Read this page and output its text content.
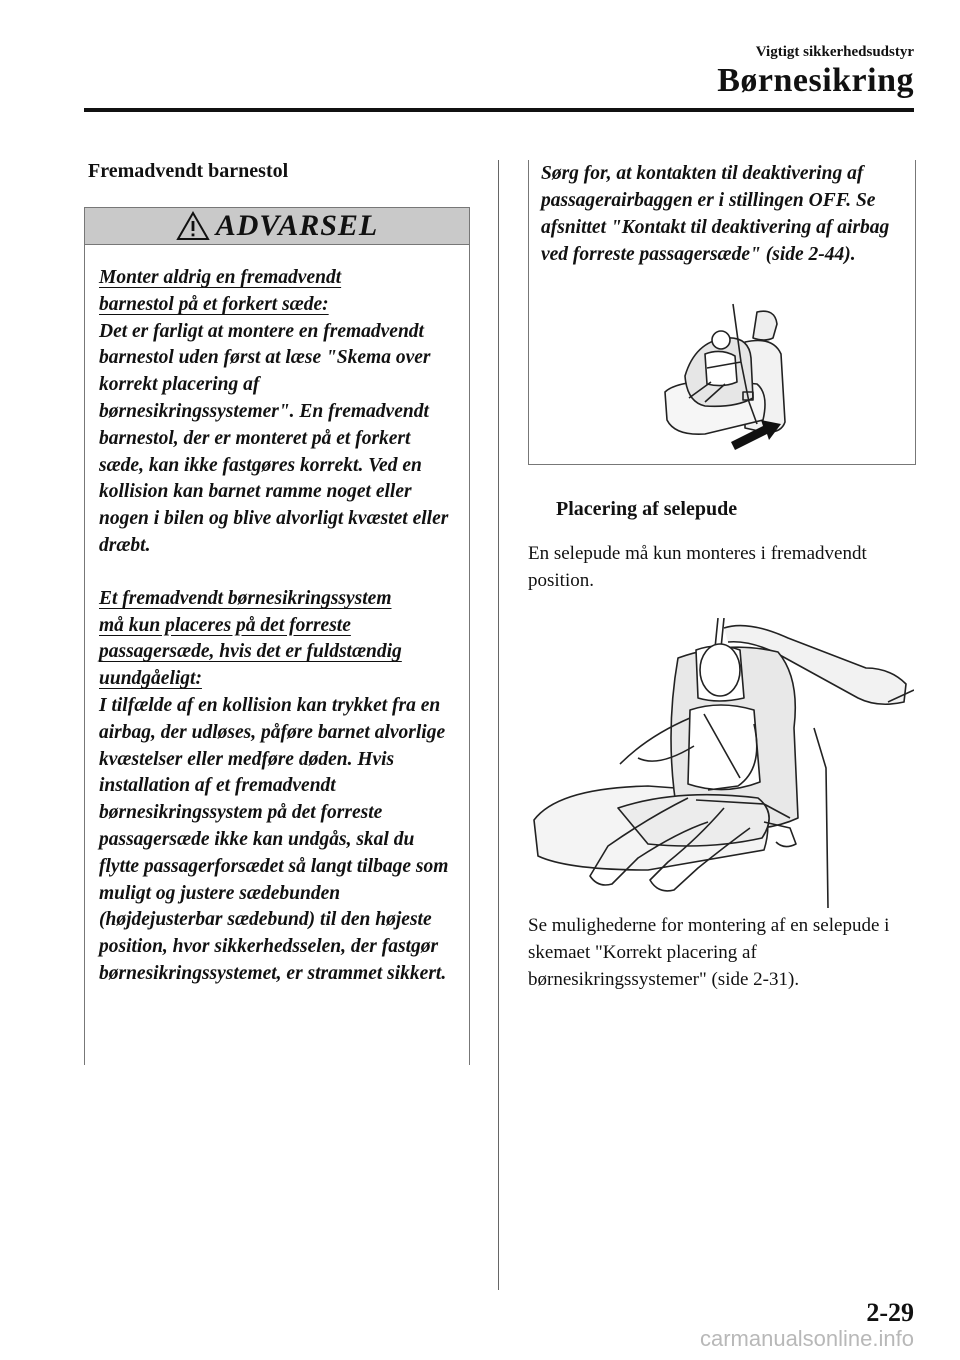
Vigtigt sikkerhedsudstyr
Børnesikring
Fremadvendt barnestol
ADVARSEL
Monter aldrig en fremadvendt
barnestol på et forkert sæde:

Det er farligt at montere en fremadvendt barnestol uden først at læse "Skema over korrekt placering af børnesikringssystemer". En fremadvendt barnestol, der er monteret på et forkert sæde, kan ikke fastgøres korrekt. Ved en kollision kan barnet ramme noget eller nogen i bilen og blive alvorligt kvæstet eller dræbt.

Et fremadvendt børnesikringssystem
må kun placeres på det forreste
passagersæde, hvis det er fuldstændig
uundgåeligt:

I tilfælde af en kollision kan trykket fra en airbag, der udløses, påføre barnet alvorlige kvæstelser eller medføre døden. Hvis installation af et fremadvendt børnesikringssystem på det forreste passagersæde ikke kan undgås, skal du flytte passagerforsædet så langt tilbage som muligt og justere sædebunden (højdejusterbar sædebund) til den højeste position, hvor sikkerhedsselen, der fastgør børnesikringssystemet, er strammet sikkert.

Sørg for, at kontakten til deaktivering af passagerairbaggen er i stillingen OFF. Se afsnittet "Kontakt til deaktivering af airbag ved forreste passagersæde" (side 2-44).
Placering af selepude
En selepude må kun monteres i fremadvendt position.
Se mulighederne for montering af en selepude i skemaet "Korrekt placering af børnesikringssystemer" (side 2-31).
2-29
carmanualsonline.info
